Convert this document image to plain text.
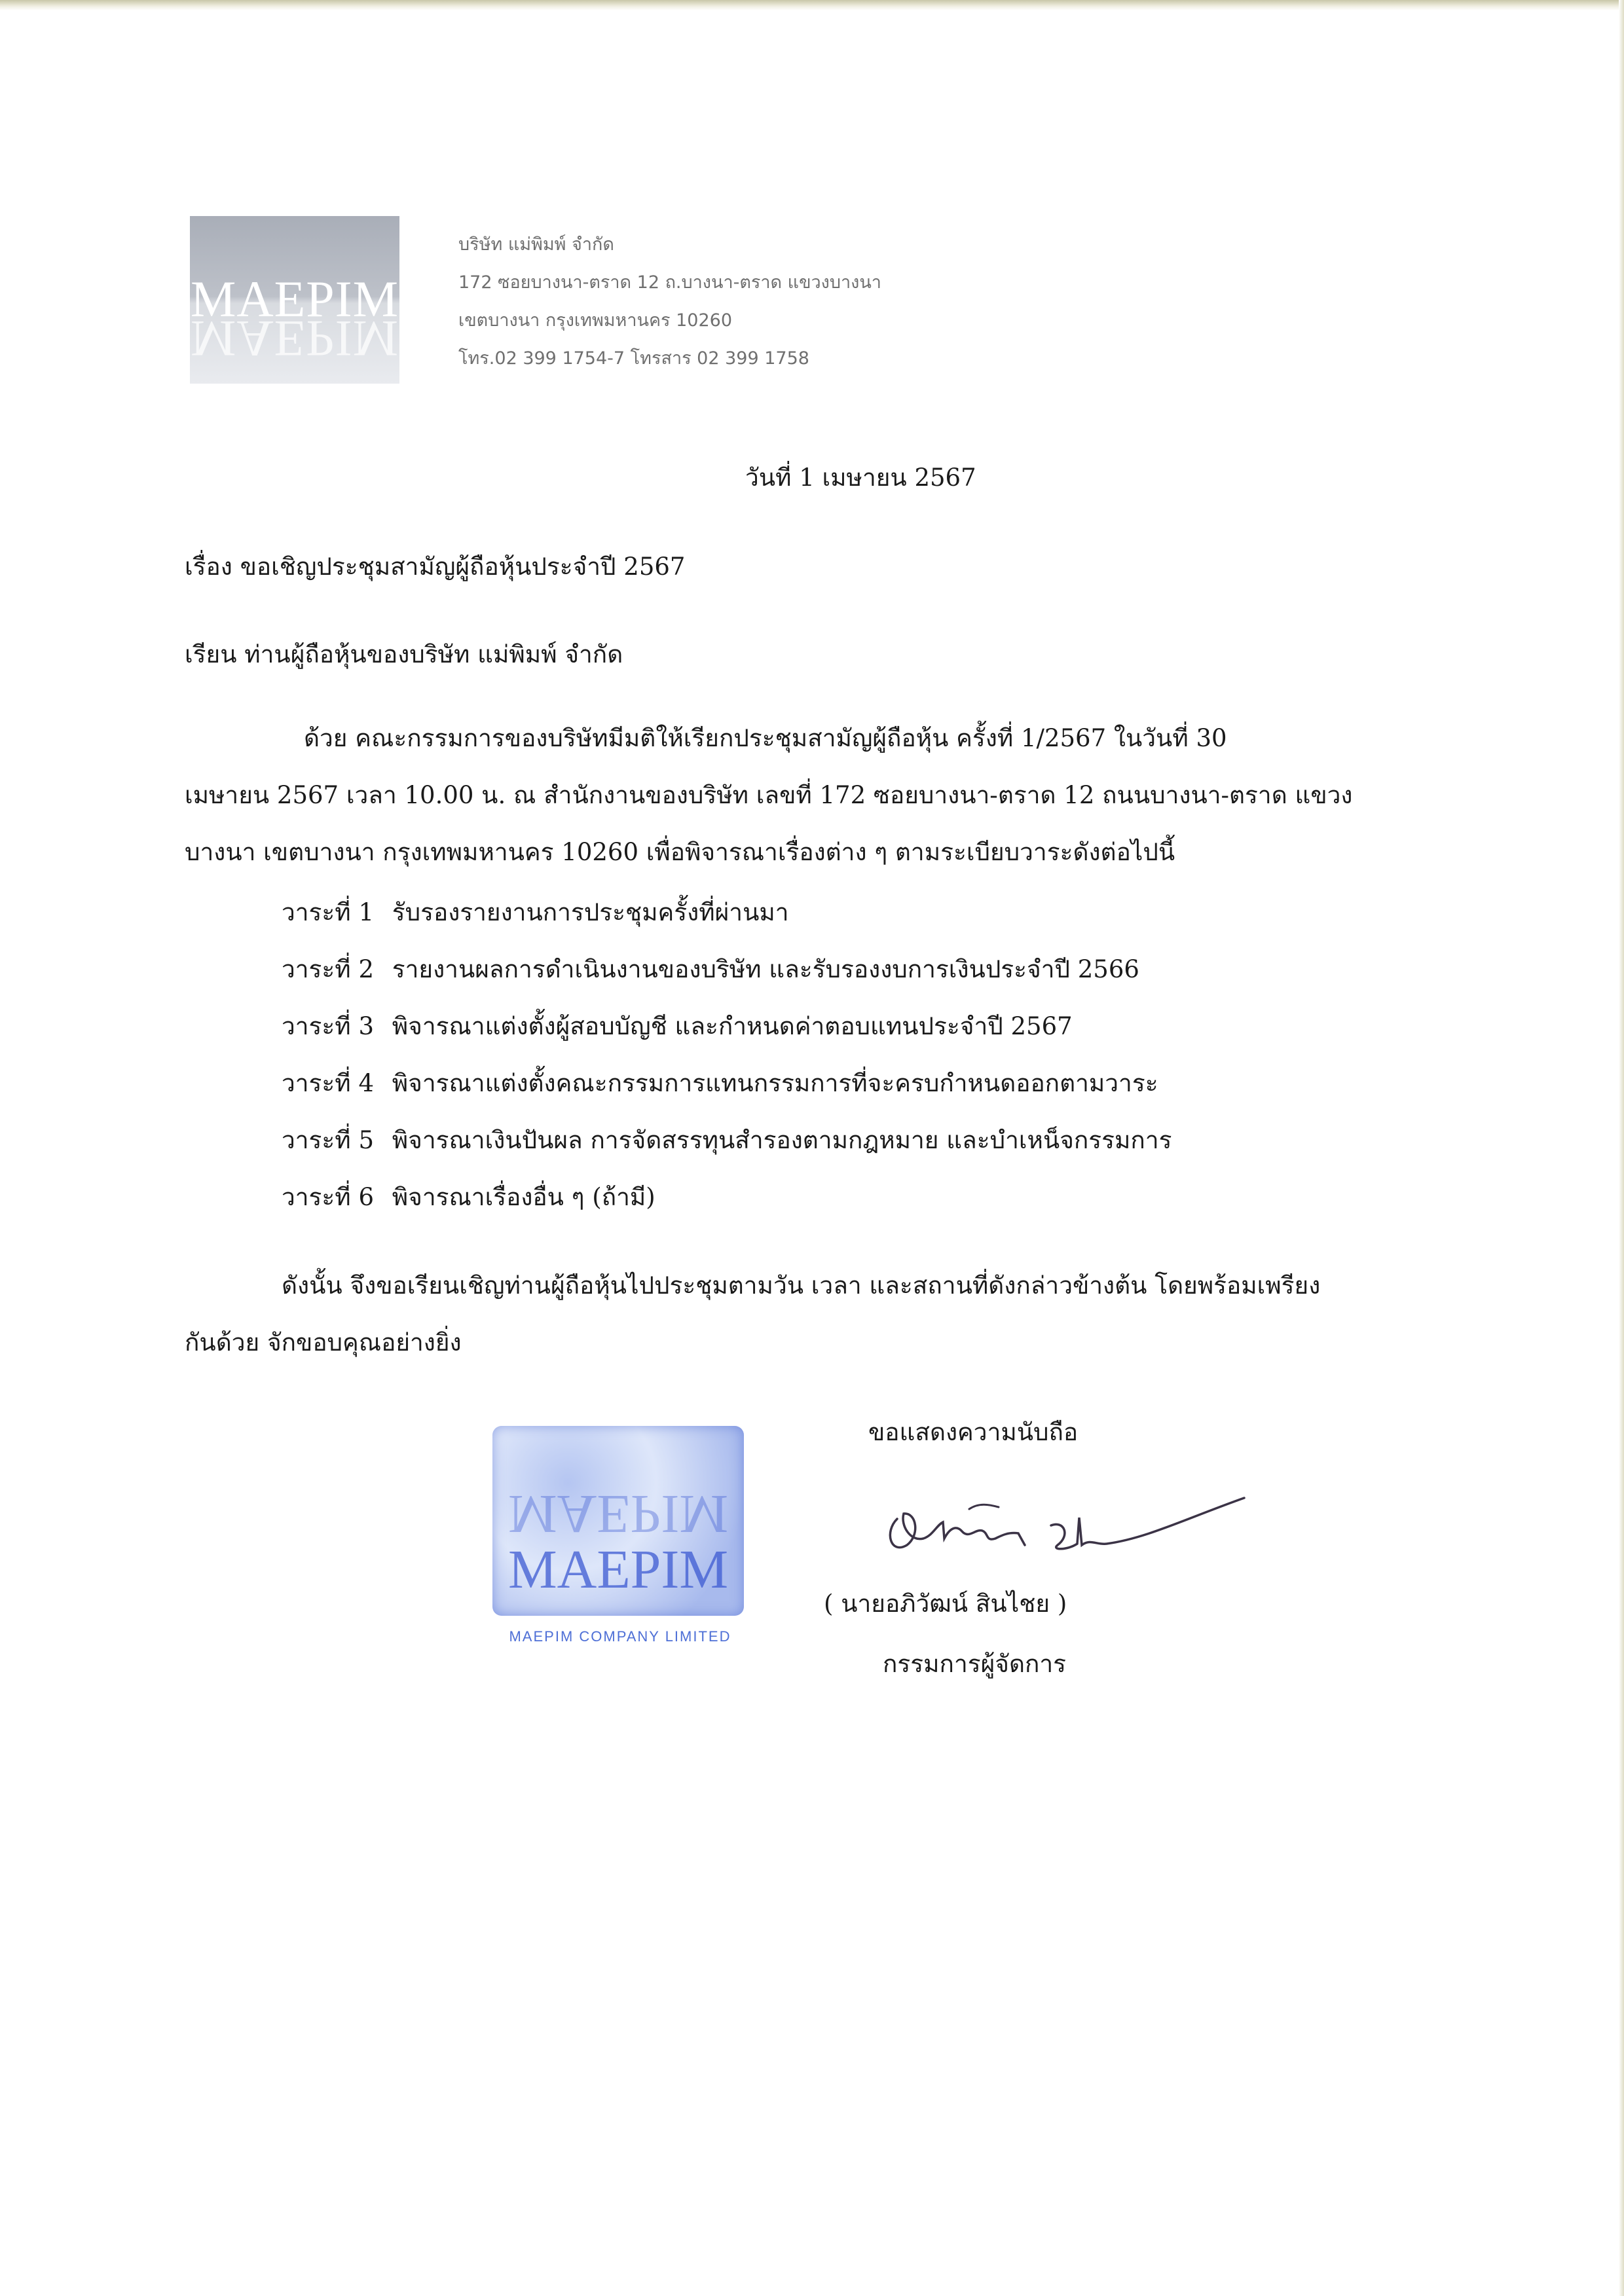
MAEPIM
MAEPIM
บริษัท แม่พิมพ์ จำกัด
172 ซอยบางนา-ตราด 12 ถ.บางนา-ตราด แขวงบางนา
เขตบางนา กรุงเทพมหานคร 10260
โทร.02 399 1754-7 โทรสาร 02 399 1758
วันที่ 1 เมษายน 2567
เรื่อง ขอเชิญประชุมสามัญผู้ถือหุ้นประจำปี 2567
เรียน ท่านผู้ถือหุ้นของบริษัท แม่พิมพ์ จำกัด
ด้วย คณะกรรมการของบริษัทมีมติให้เรียกประชุมสามัญผู้ถือหุ้น ครั้งที่ 1/2567 ในวันที่ 30
เมษายน 2567 เวลา 10.00 น. ณ สำนักงานของบริษัท เลขที่ 172 ซอยบางนา-ตราด 12 ถนนบางนา-ตราด แขวง
บางนา เขตบางนา กรุงเทพมหานคร 10260 เพื่อพิจารณาเรื่องต่าง ๆ ตามระเบียบวาระดังต่อไปนี้
วาระที่ 1 รับรองรายงานการประชุมครั้งที่ผ่านมา
วาระที่ 2 รายงานผลการดำเนินงานของบริษัท และรับรองงบการเงินประจำปี 2566
วาระที่ 3 พิจารณาแต่งตั้งผู้สอบบัญชี และกำหนดค่าตอบแทนประจำปี 2567
วาระที่ 4 พิจารณาแต่งตั้งคณะกรรมการแทนกรรมการที่จะครบกำหนดออกตามวาระ
วาระที่ 5 พิจารณาเงินปันผล การจัดสรรทุนสำรองตามกฎหมาย และบำเหน็จกรรมการ
วาระที่ 6 พิจารณาเรื่องอื่น ๆ (ถ้ามี)
ดังนั้น จึงขอเรียนเชิญท่านผู้ถือหุ้นไปประชุมตามวัน เวลา และสถานที่ดังกล่าวข้างต้น โดยพร้อมเพรียง
กันด้วย จักขอบคุณอย่างยิ่ง
MAEPIM
MAEPIM
MAEPIM COMPANY LIMITED
ขอแสดงความนับถือ
( นายอภิวัฒน์ สินไชย )
กรรมการผู้จัดการ
